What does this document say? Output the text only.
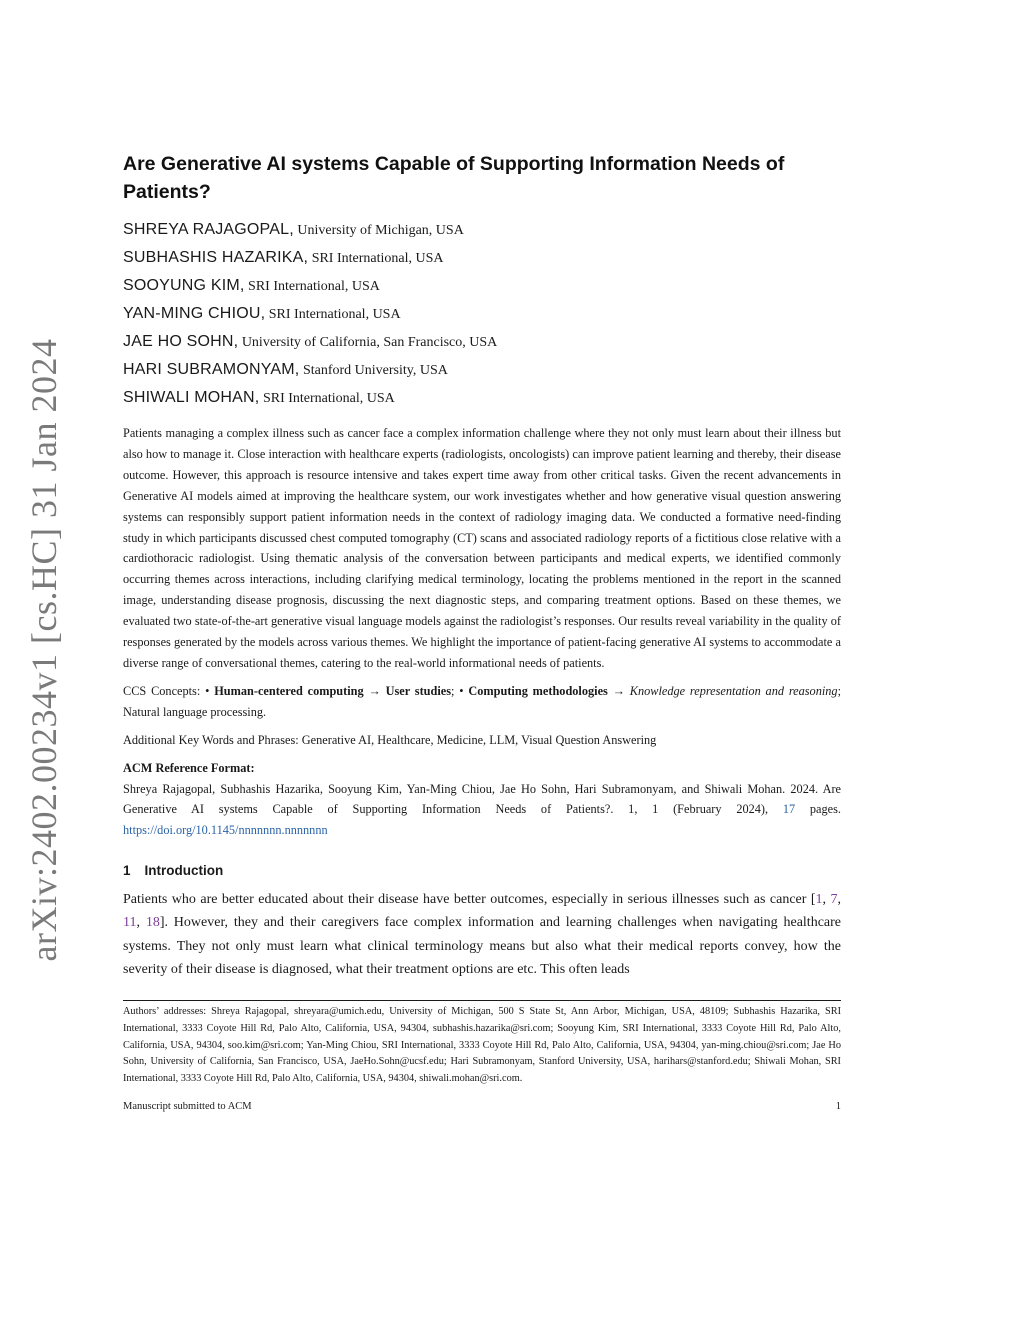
arXiv:2402.00234v1 [cs.HC] 31 Jan 2024
Are Generative AI systems Capable of Supporting Information Needs of Patients?
SHREYA RAJAGOPAL, University of Michigan, USA
SUBHASHIS HAZARIKA, SRI International, USA
SOOYUNG KIM, SRI International, USA
YAN-MING CHIOU, SRI International, USA
JAE HO SOHN, University of California, San Francisco, USA
HARI SUBRAMONYAM, Stanford University, USA
SHIWALI MOHAN, SRI International, USA

Patients managing a complex illness such as cancer face a complex information challenge where they not only must learn about their illness but also how to manage it. Close interaction with healthcare experts (radiologists, oncologists) can improve patient learning and thereby, their disease outcome. However, this approach is resource intensive and takes expert time away from other critical tasks. Given the recent advancements in Generative AI models aimed at improving the healthcare system, our work investigates whether and how generative visual question answering systems can responsibly support patient information needs in the context of radiology imaging data. We conducted a formative need-finding study in which participants discussed chest computed tomography (CT) scans and associated radiology reports of a fictitious close relative with a cardiothoracic radiologist. Using thematic analysis of the conversation between participants and medical experts, we identified commonly occurring themes across interactions, including clarifying medical terminology, locating the problems mentioned in the report in the scanned image, understanding disease prognosis, discussing the next diagnostic steps, and comparing treatment options. Based on these themes, we evaluated two state-of-the-art generative visual language models against the radiologist’s responses. Our results reveal variability in the quality of responses generated by the models across various themes. We highlight the importance of patient-facing generative AI systems to accommodate a diverse range of conversational themes, catering to the real-world informational needs of patients.

CCS Concepts: • Human-centered computing → User studies; • Computing methodologies → Knowledge representation and reasoning; Natural language processing.
Additional Key Words and Phrases: Generative AI, Healthcare, Medicine, LLM, Visual Question Answering
ACM Reference Format:
Shreya Rajagopal, Subhashis Hazarika, Sooyung Kim, Yan-Ming Chiou, Jae Ho Sohn, Hari Subramonyam, and Shiwali Mohan. 2024. Are Generative AI systems Capable of Supporting Information Needs of Patients?. 1, 1 (February 2024), 17 pages. https://doi.org/10.1145/nnnnnnn.nnnnnnn
1 Introduction

Patients who are better educated about their disease have better outcomes, especially in serious illnesses such as cancer [1, 7, 11, 18]. However, they and their caregivers face complex information and learning challenges when navigating healthcare systems. They not only must learn what clinical terminology means but also what their medical reports convey, how the severity of their disease is diagnosed, what their treatment options are etc. This often leads

Authors’ addresses: Shreya Rajagopal, shreyara@umich.edu, University of Michigan, 500 S State St, Ann Arbor, Michigan, USA, 48109; Subhashis Hazarika, SRI International, 3333 Coyote Hill Rd, Palo Alto, California, USA, 94304, subhashis.hazarika@sri.com; Sooyung Kim, SRI International, 3333 Coyote Hill Rd, Palo Alto, California, USA, 94304, soo.kim@sri.com; Yan-Ming Chiou, SRI International, 3333 Coyote Hill Rd, Palo Alto, California, USA, 94304, yan-ming.chiou@sri.com; Jae Ho Sohn, University of California, San Francisco, USA, JaeHo.Sohn@ucsf.edu; Hari Subramonyam, Stanford University, USA, harihars@stanford.edu; Shiwali Mohan, SRI International, 3333 Coyote Hill Rd, Palo Alto, California, USA, 94304, shiwali.mohan@sri.com.
Manuscript submitted to ACM	1
